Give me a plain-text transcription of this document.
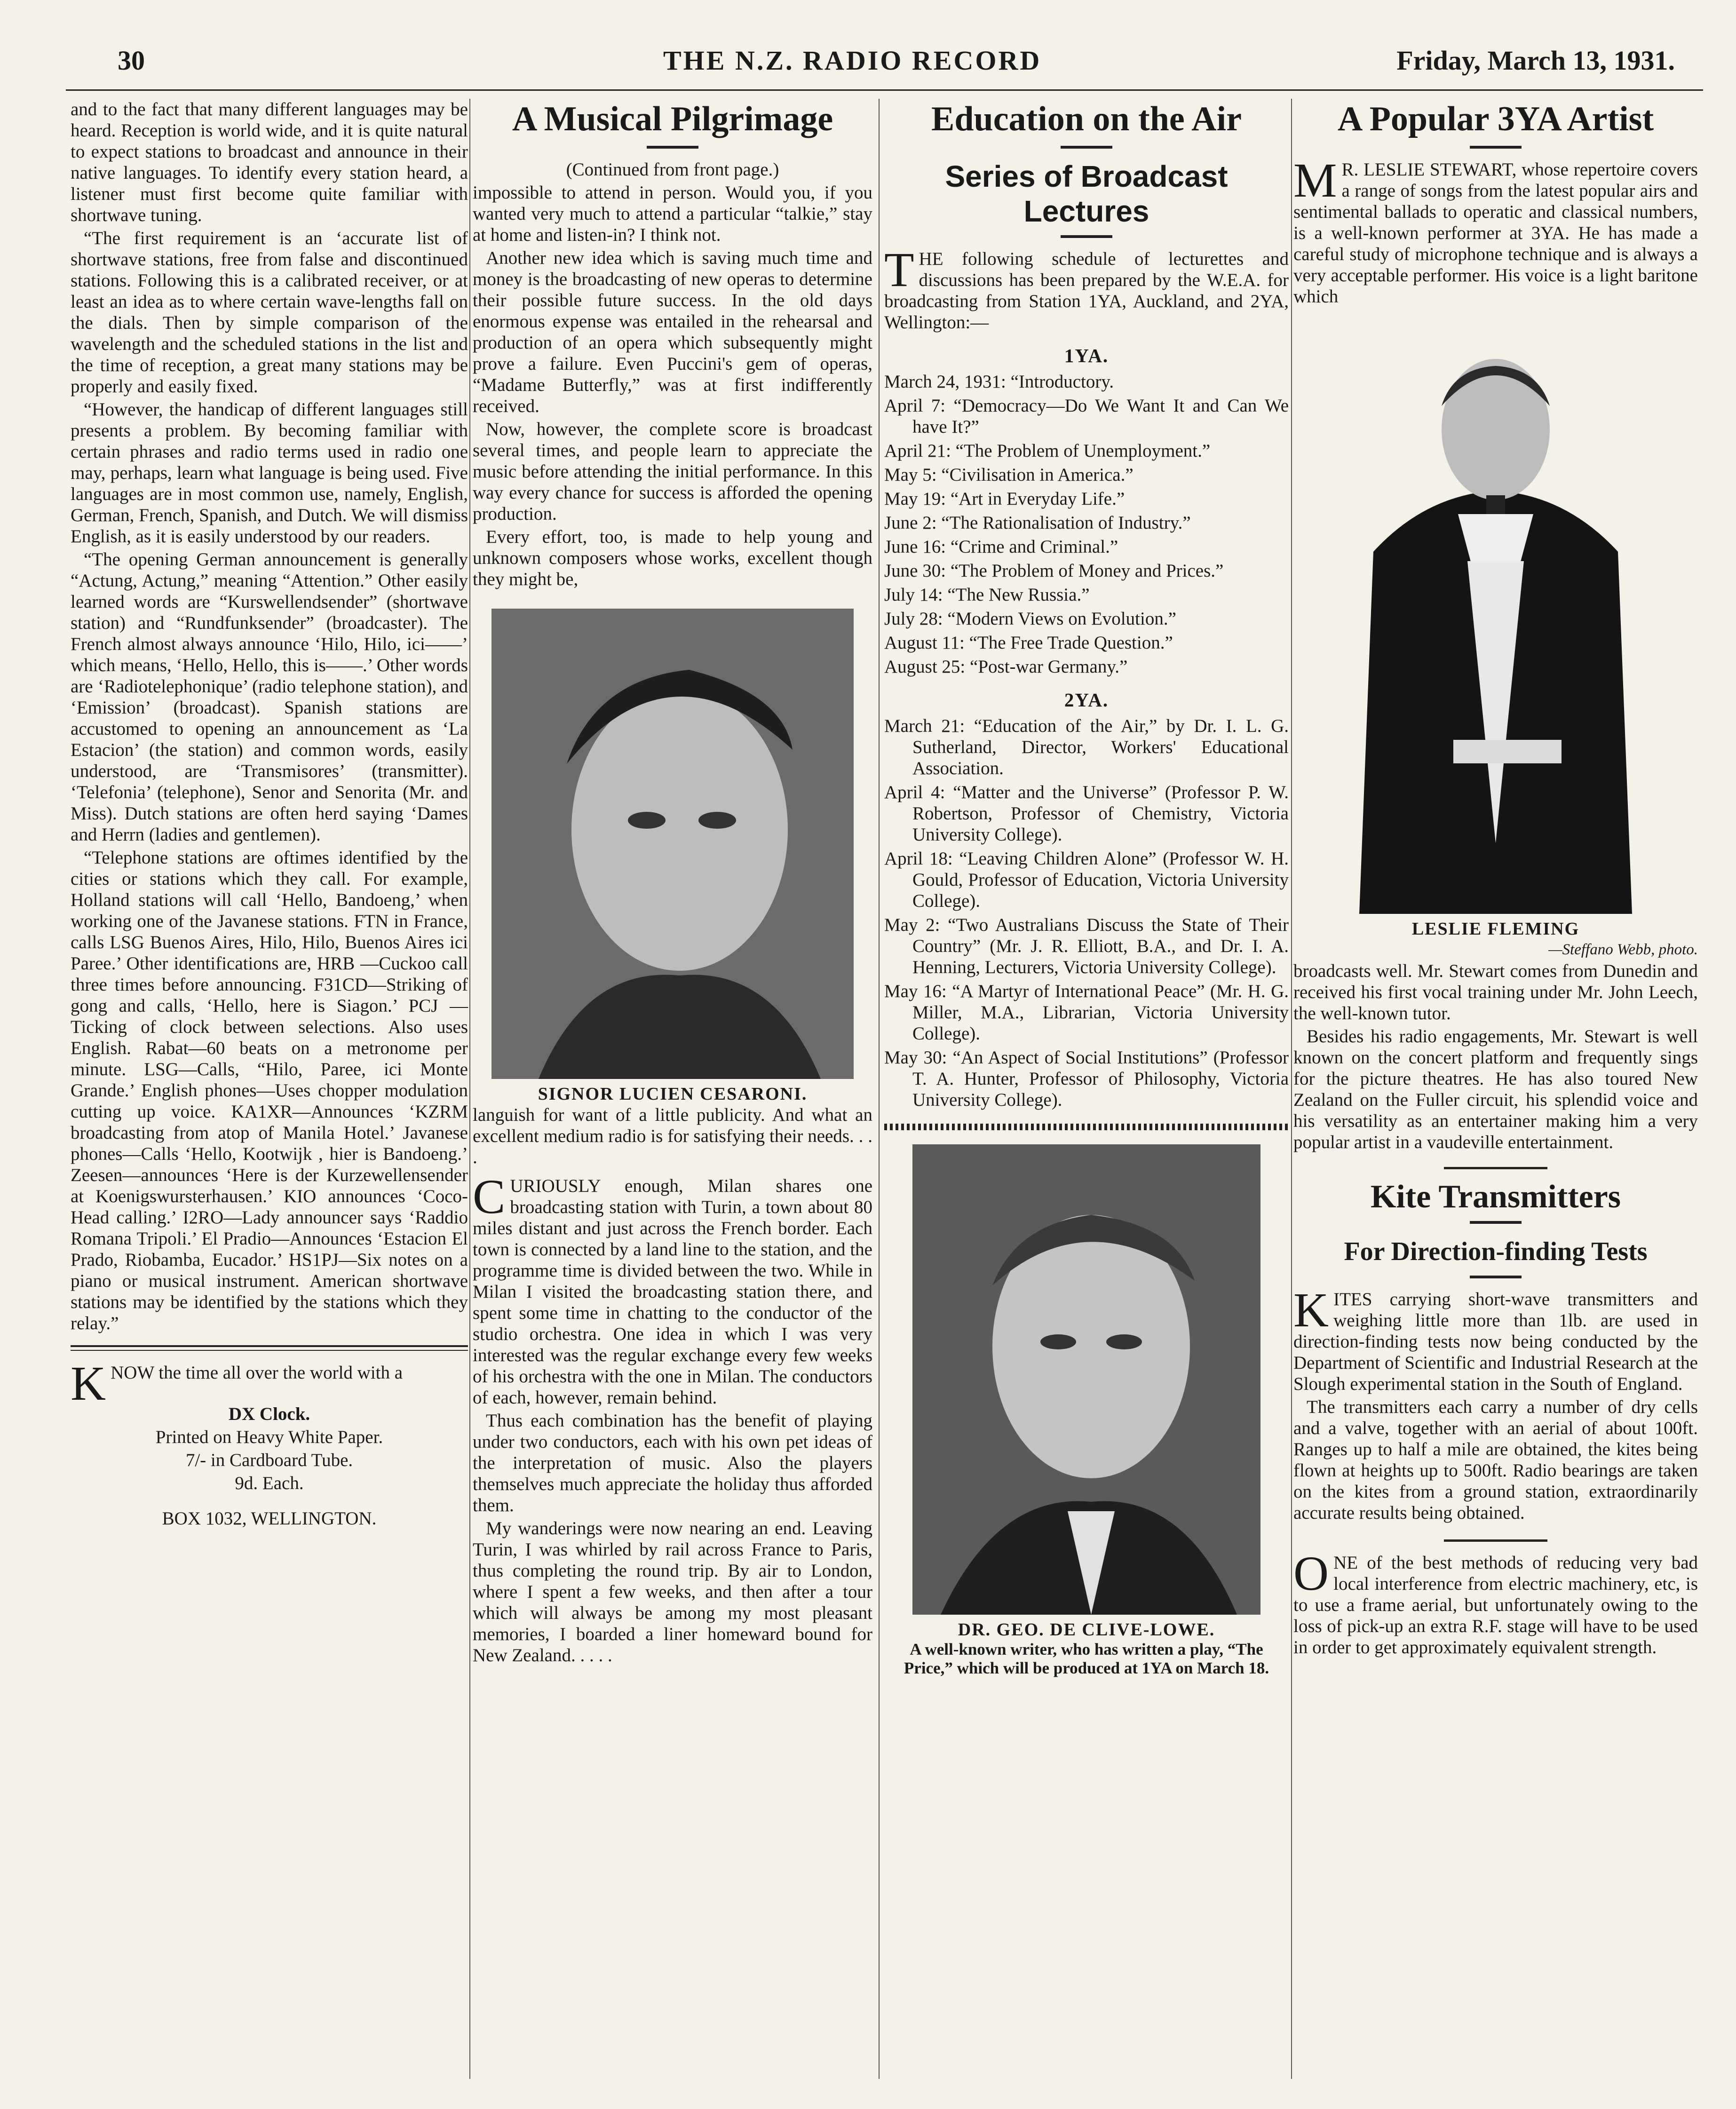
30	THE N.Z. RADIO RECORD	Friday, March 13, 1931.

and to the fact that many different languages may be heard. Reception is world wide, and it is quite natural to expect stations to broadcast and announce in their native languages. To identify every station heard, a listener must first become quite familiar with shortwave tuning.

“The first requirement is an ‘accurate list of shortwave stations, free from false and discontinued stations. Following this is a calibrated receiver, or at least an idea as to where certain wave-lengths fall on the dials. Then by simple comparison of the wavelength and the scheduled stations in the list and the time of reception, a great many stations may be properly and easily fixed.

“However, the handicap of different languages still presents a problem. By becoming familiar with certain phrases and radio terms used in radio one may, perhaps, learn what language is being used. Five languages are in most common use, namely, English, German, French, Spanish, and Dutch. We will dismiss English, as it is easily understood by our readers.

“The opening German announcement is generally “Actung, Actung,” meaning “Attention.” Other easily learned words are “Kurswellendsender” (shortwave station) and “Rundfunksender” (broadcaster). The French almost always announce ‘Hilo, Hilo, ici——’ which means, ‘Hello, Hello, this is——.’ Other words are ‘Radiotelephonique’ (radio telephone station), and ‘Emission’ (broadcast). Spanish stations are accustomed to opening an announcement as ‘La Estacion’ (the station) and common words, easily understood, are ‘Transmisores’ (transmitter). ‘Telefonia’ (telephone), Senor and Senorita (Mr. and Miss). Dutch stations are often herd saying ‘Dames and Herrn (ladies and gentlemen).

“Telephone stations are oftimes identified by the cities or stations which they call. For example, Holland stations will call ‘Hello, Bandoeng,’ when working one of the Javanese stations. FTN in France, calls LSG Buenos Aires, Hilo, Hilo, Buenos Aires ici Paree.’ Other identifications are, HRB —Cuckoo call three times before announcing. F31CD—Striking of gong and calls, ‘Hello, here is Siagon.’ PCJ —Ticking of clock between selections. Also uses English. Rabat—60 beats on a metronome per minute. LSG—Calls, “Hilo, Paree, ici Monte Grande.’ English phones—Uses chopper modulation cutting up voice. KA1XR—Announces ‘KZRM broadcasting from atop of Manila Hotel.’ Javanese phones—Calls ‘Hello, Kootwijk , hier is Bandoeng.’ Zeesen—announces ‘Here is der Kurzewellensender at Koenigswursterhausen.’ KIO announces ‘Coco-Head calling.’ I2RO—Lady announcer says ‘Raddio Romana Tripoli.’ El Pradio—Announces ‘Estacion El Prado, Riobamba, Eucador.’ HS1PJ—Six notes on a piano or musical instrument. American shortwave stations may be identified by the stations which they relay.”

KNOW the time all over the world with a

DX Clock.

Printed on Heavy White Paper.

7/- in Cardboard Tube.

9d. Each.

BOX 1032, WELLINGTON.

A Musical Pilgrimage

(Continued from front page.)

impossible to attend in person. Would you, if you wanted very much to attend a particular “talkie,” stay at home and listen-in? I think not.

Another new idea which is saving much time and money is the broadcasting of new operas to determine their possible future success. In the old days enormous expense was entailed in the rehearsal and production of an opera which subsequently might prove a failure. Even Puccini's gem of operas, “Madame Butterfly,” was at first indifferently received.

Now, however, the complete score is broadcast several times, and people learn to appreciate the music before attending the initial performance. In this way every chance for success is afforded the opening production.

Every effort, too, is made to help young and unknown composers whose works, excellent though they might be,

SIGNOR LUCIEN CESARONI.

languish for want of a little publicity. And what an excellent medium radio is for satisfying their needs. . . .

CURIOUSLY enough, Milan shares one broadcasting station with Turin, a town about 80 miles distant and just across the French border. Each town is connected by a land line to the station, and the programme time is divided between the two. While in Milan I visited the broadcasting station there, and spent some time in chatting to the conductor of the studio orchestra. One idea in which I was very interested was the regular exchange every few weeks of his orchestra with the one in Milan. The conductors of each, however, remain behind.

Thus each combination has the benefit of playing under two conductors, each with his own pet ideas of the interpretation of music. Also the players themselves much appreciate the holiday thus afforded them.

My wanderings were now nearing an end. Leaving Turin, I was whirled by rail across France to Paris, thus completing the round trip. By air to London, where I spent a few weeks, and then after a tour which will always be among my most pleasant memories, I boarded a liner homeward bound for New Zealand. . . . .

Education on the Air
Series of Broadcast Lectures

THE following schedule of lecturettes and discussions has been prepared by the W.E.A. for broadcasting from Station 1YA, Auckland, and 2YA, Wellington:—

1YA.

March 24, 1931: “Introductory.

April 7: “Democracy—Do We Want It and Can We have It?”

April 21: “The Problem of Unemployment.”

May 5: “Civilisation in America.”

May 19: “Art in Everyday Life.”

June 2: “The Rationalisation of Industry.”

June 16: “Crime and Criminal.”

June 30: “The Problem of Money and Prices.”

July 14: “The New Russia.”

July 28: “Modern Views on Evolution.”

August 11: “The Free Trade Question.”

August 25: “Post-war Germany.”

2YA.

March 21: “Education of the Air,” by Dr. I. L. G. Sutherland, Director, Workers' Educational Association.

April 4: “Matter and the Universe” (Professor P. W. Robertson, Professor of Chemistry, Victoria University College).

April 18: “Leaving Children Alone” (Professor W. H. Gould, Professor of Education, Victoria University College).

May 2: “Two Australians Discuss the State of Their Country” (Mr. J. R. Elliott, B.A., and Dr. I. A. Henning, Lecturers, Victoria University College).

May 16: “A Martyr of International Peace” (Mr. H. G. Miller, M.A., Librarian, Victoria University College).

May 30: “An Aspect of Social Institutions” (Professor T. A. Hunter, Professor of Philosophy, Victoria University College).

DR. GEO. DE CLIVE-LOWE.

A well-known writer, who has written a play, “The Price,” which will be produced at 1YA on March 18.

A Popular 3YA Artist

M R. LESLIE STEWART, whose repertoire covers a range of songs from the latest popular airs and sentimental ballads to operatic and classical numbers, is a well-known performer at 3YA. He has made a careful study of microphone technique and is always a very acceptable performer. His voice is a light baritone which

LESLIE FLEMING
—Steffano Webb, photo.

broadcasts well. Mr. Stewart comes from Dunedin and received his first vocal training under Mr. John Leech, the well-known tutor.

Besides his radio engagements, Mr. Stewart is well known on the concert platform and frequently sings for the picture theatres. He has also toured New Zealand on the Fuller circuit, his splendid voice and his versatility as an entertainer making him a very popular artist in a vaudeville entertainment.

Kite Transmitters
For Direction-finding Tests

KITES carrying short-wave transmitters and weighing little more than 1lb. are used in direction-finding tests now being conducted by the Department of Scientific and Industrial Research at the Slough experimental station in the South of England.

The transmitters each carry a number of dry cells and a valve, together with an aerial of about 100ft. Ranges up to half a mile are obtained, the kites being flown at heights up to 500ft. Radio bearings are taken on the kites from a ground station, extraordinarily accurate results being obtained.

ONE of the best methods of reducing very bad local interference from electric machinery, etc, is to use a frame aerial, but unfortunately owing to the loss of pick-up an extra R.F. stage will have to be used in order to get approximately equivalent strength.
